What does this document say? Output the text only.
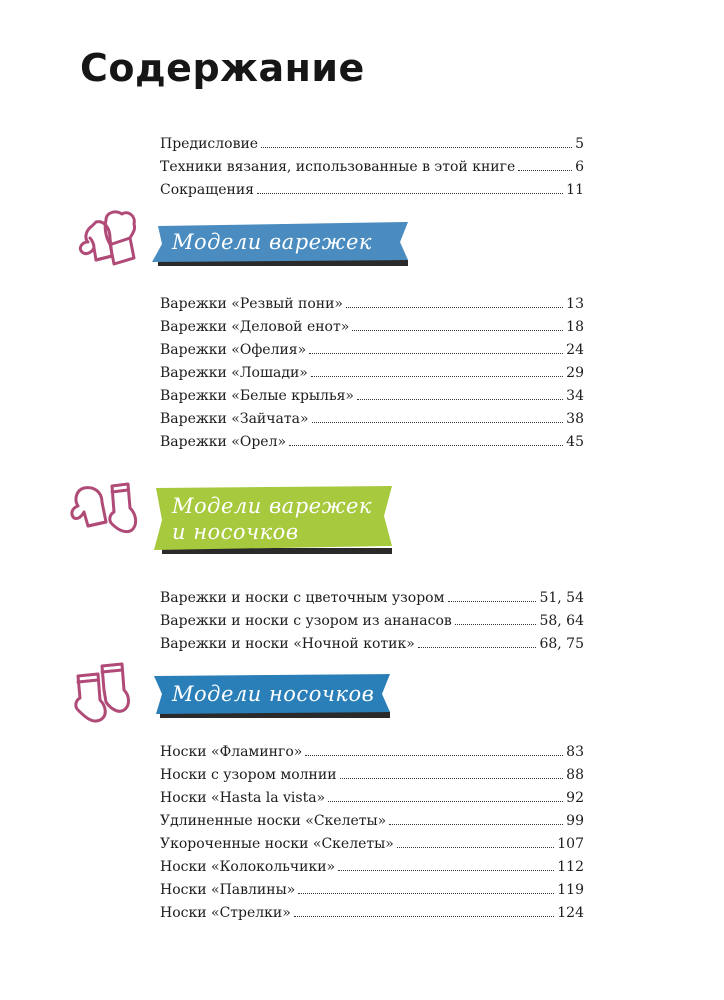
Содержание
Предисловие	5
Техники вязания, использованные в этой книге	6
Сокращения	11
Модели варежек
Варежки «Резвый пони»	13
Варежки «Деловой енот»	18
Варежки «Офелия»	24
Варежки «Лошади»	29
Варежки «Белые крылья»	34
Варежки «Зайчата»	38
Варежки «Орел»	45
Модели варежек
и носочков
Варежки и носки с цветочным узором	51, 54
Варежки и носки с узором из ананасов	58, 64
Варежки и носки «Ночной котик»	68, 75
Модели носочков
Носки «Фламинго»	83
Носки с узором молнии	88
Носки «Hasta la vista»	92
Удлиненные носки «Скелеты»	99
Укороченные носки «Скелеты»	107
Носки «Колокольчики»	112
Носки «Павлины»	119
Носки «Стрелки»	124
